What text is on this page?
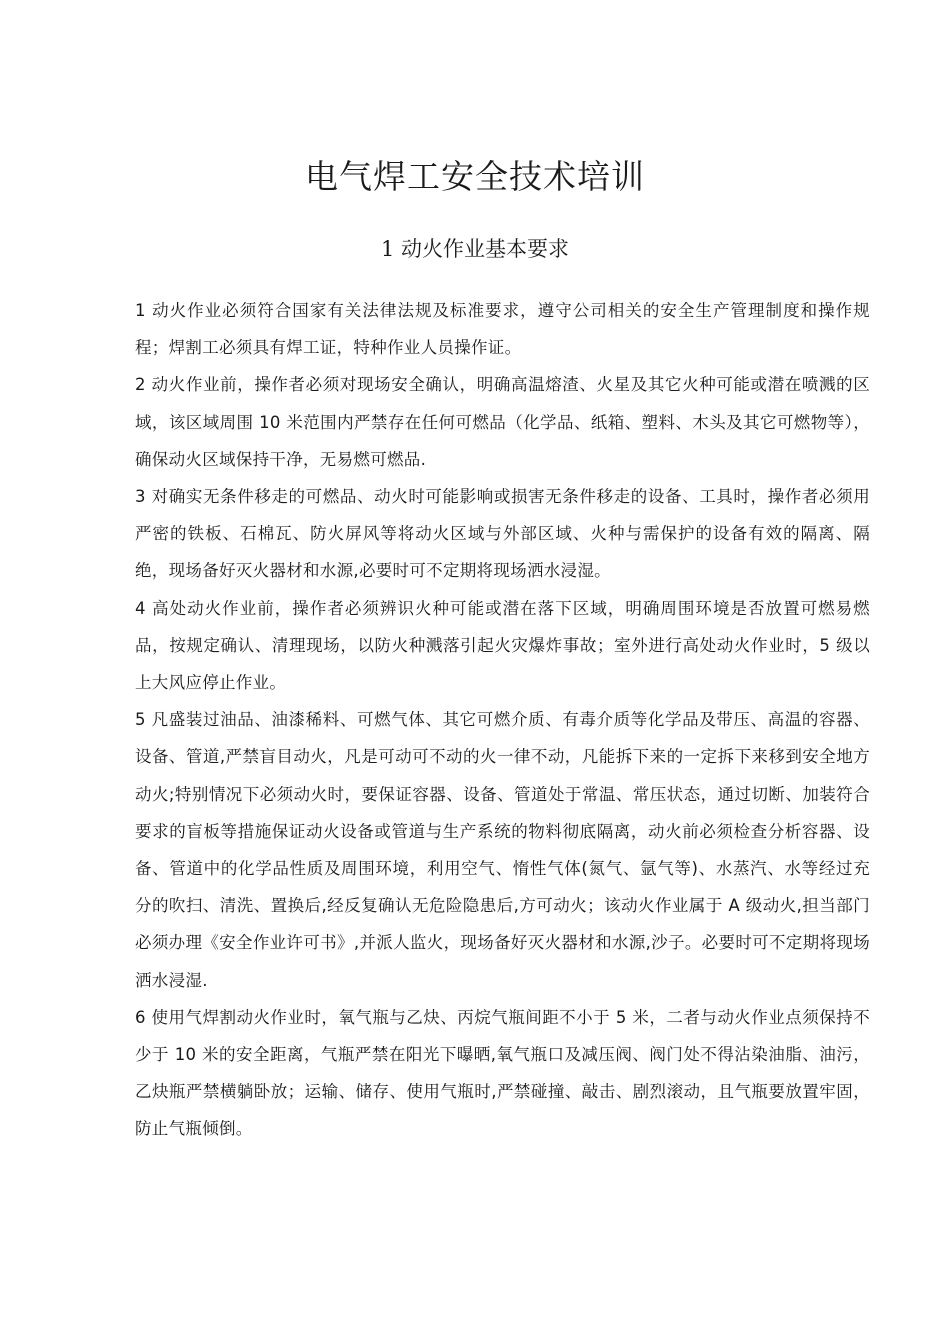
电气焊工安全技术培训
1 动火作业基本要求

1 动火作业必须符合国家有关法律法规及标准要求，遵守公司相关的安全生产管理制度和操作规程；焊割工必须具有焊工证，特种作业人员操作证。

2 动火作业前，操作者必须对现场安全确认，明确高温熔渣、火星及其它火种可能或潜在喷溅的区域，该区域周围 10 米范围内严禁存在任何可燃品（化学品、纸箱、塑料、木头及其它可燃物等），确保动火区域保持干净，无易燃可燃品.

3 对确实无条件移走的可燃品、动火时可能影响或损害无条件移走的设备、工具时，操作者必须用严密的铁板、石棉瓦、防火屏风等将动火区域与外部区域、火种与需保护的设备有效的隔离、隔绝，现场备好灭火器材和水源,必要时可不定期将现场洒水浸湿。

4 高处动火作业前，操作者必须辨识火种可能或潜在落下区域，明确周围环境是否放置可燃易燃品，按规定确认、清理现场，以防火种溅落引起火灾爆炸事故；室外进行高处动火作业时，5 级以上大风应停止作业。

5 凡盛装过油品、油漆稀料、可燃气体、其它可燃介质、有毒介质等化学品及带压、高温的容器、设备、管道,严禁盲目动火，凡是可动可不动的火一律不动，凡能拆下来的一定拆下来移到安全地方动火;特别情况下必须动火时，要保证容器、设备、管道处于常温、常压状态，通过切断、加装符合要求的盲板等措施保证动火设备或管道与生产系统的物料彻底隔离，动火前必须检查分析容器、设备、管道中的化学品性质及周围环境，利用空气、惰性气体(氮气、氩气等)、水蒸汽、水等经过充分的吹扫、清洗、置换后,经反复确认无危险隐患后,方可动火；该动火作业属于 A 级动火,担当部门必须办理《安全作业许可书》,并派人监火，现场备好灭火器材和水源,沙子。必要时可不定期将现场洒水浸湿.

6 使用气焊割动火作业时，氧气瓶与乙炔、丙烷气瓶间距不小于 5 米，二者与动火作业点须保持不少于 10 米的安全距离，气瓶严禁在阳光下曝晒,氧气瓶口及减压阀、阀门处不得沾染油脂、油污，乙炔瓶严禁横躺卧放；运输、储存、使用气瓶时,严禁碰撞、敲击、剧烈滚动，且气瓶要放置牢固，防止气瓶倾倒。
